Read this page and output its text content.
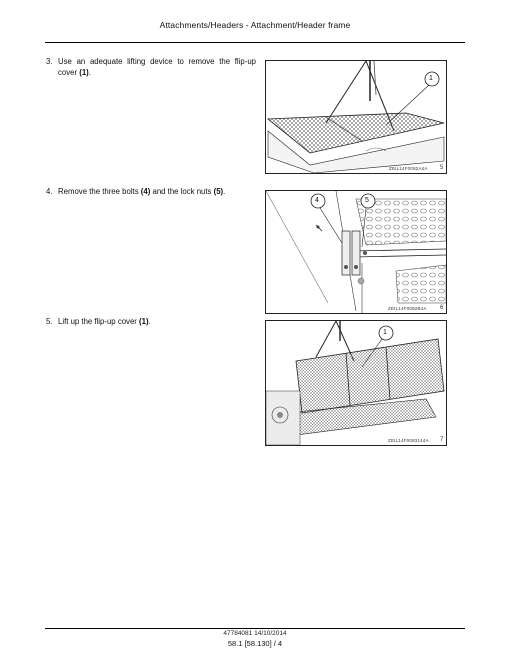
Attachments/Headers - Attachment/Header frame
3. Use an adequate lifting device to remove the flip-up cover (1).
ZEIL14F0082A4A 5
1
4. Remove the three bolts (4) and the lock nuts (5).
ZEIL14F0082B4A 6
4	5
5. Lift up the flip-up cover (1).
ZEIL14F0083144A 7
1
47784081 14/10/2014
58.1 [58.130] / 4
